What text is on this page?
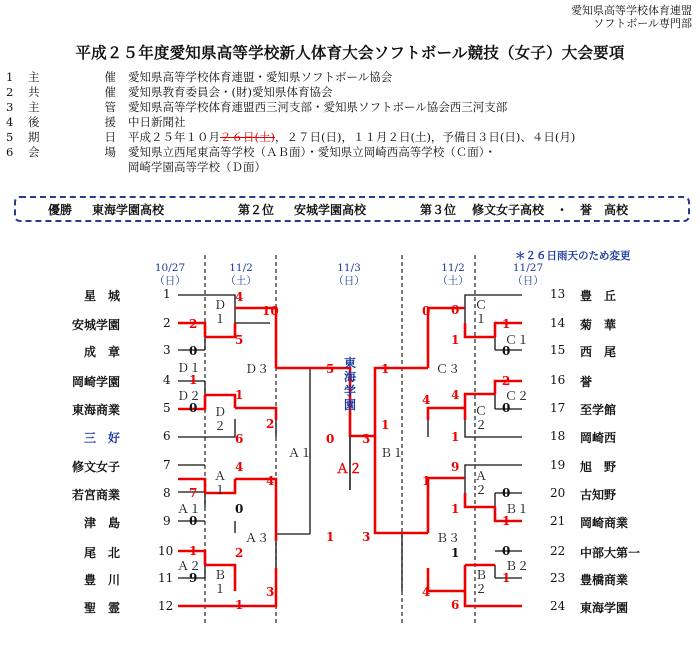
愛知県高等学校体育連盟
ソフトボール専門部
平成２５年度愛知県高等学校新人体育大会ソフトボール競技（女子）大会要項
1	主	催 愛知県高等学校体育連盟・愛知県ソフトボール協会
2	共	催 愛知県教育委員会・(財)愛知県体育協会
3	主	管 愛知県高等学校体育連盟西三河支部・愛知県ソフトボール協会西三河支部
4	後	援 中日新聞社
5	期	日 平成２５年１０月２６日(土)，２７日(日)，１１月２日(土)，予備日３日(日)、４日(月)
6	会	場 愛知県立西尾東高等学校（ＡＢ面）・愛知県立岡崎西高等学校（Ｃ面）・
岡崎学園高等学校（Ｄ面）
優勝 東海学園高校	第２位 安城学園高校	第３位 修文女子高校　・　誉　高校
＊２６日雨天のため変更
10/27
（日）
11/2
（土）
11/3
（日）
11/2
（土）
11/27
（日）
星　城
安城学園
成　章
岡崎学園
東海商業
三　好
修文女子
若宮商業
津　島
尾　北
豊　川
聖　霊
1
2
3
4
5
6
7
8
9
10
11
12
13
14
15
16
17
18
19
20
21
22
23
24
豊　丘
菊　華
西　尾
誉
至学館
岡崎西
旭　野
古知野
岡崎商業
中部大第一
豊橋商業
東海学園
Ｄ１
Ｄ２
Ｄ
１
Ｄ
２
Ｄ３
Ａ１
Ａ２
Ａ
１
Ｂ
１
Ａ３
Ａ１	Ｂ１
Ｃ
１
Ｃ１
Ｃ
２
Ｃ２
Ｃ３
Ａ
２
Ｂ１
Ｂ
２
Ｂ２
Ｂ３
東海学園
Ａ２
2
0
1
0
7
0
1
9
4
5
1
6
10
2
4
0
2
1
4
3
5
1
0 3
0
1
2
0
0
1
0
1
0
1
4
1
9
1
1
6
0
4
1
4
1
3
1
